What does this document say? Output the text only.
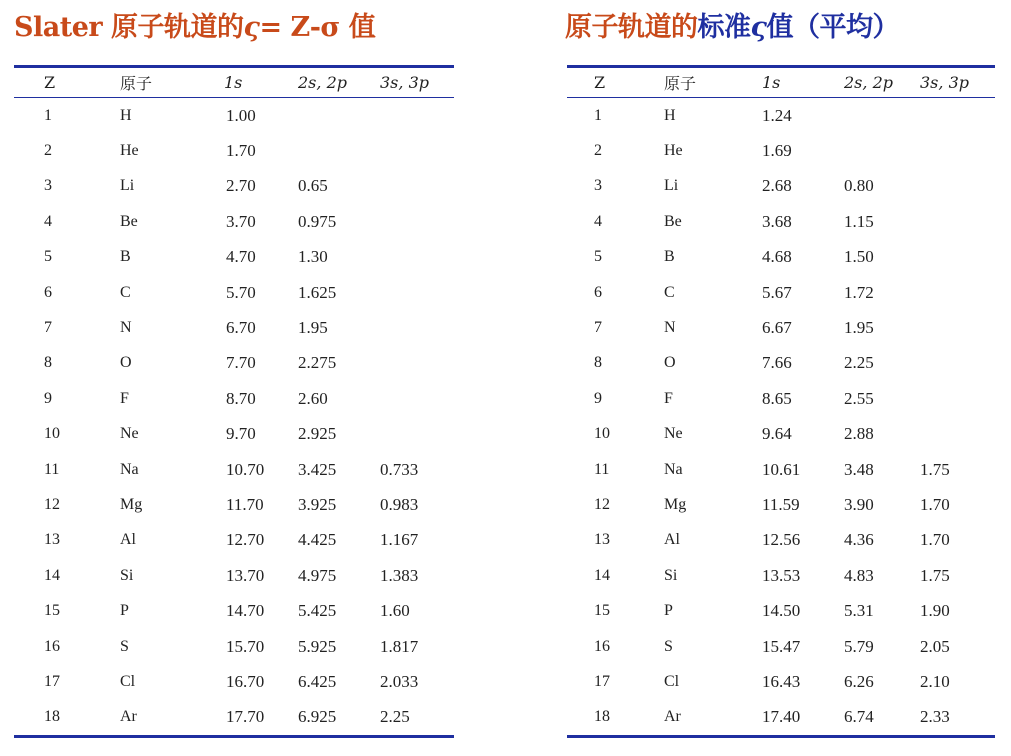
Slater 原子轨道的ς= Z-σ 值
Z	原子	1s	2s, 2p	3s, 3p
1	H	1.00		
2	He	1.70		
3	Li	2.70	0.65	
4	Be	3.70	0.975	
5	B	4.70	1.30	
6	C	5.70	1.625	
7	N	6.70	1.95	
8	O	7.70	2.275	
9	F	8.70	2.60	
10	Ne	9.70	2.925	
11	Na	10.70	3.425	0.733
12	Mg	11.70	3.925	0.983
13	Al	12.70	4.425	1.167
14	Si	13.70	4.975	1.383
15	P	14.70	5.425	1.60
16	S	15.70	5.925	1.817
17	Cl	16.70	6.425	2.033
18	Ar	17.70	6.925	2.25
原子轨道的标准ς值（平均）
Z	原子	1s	2s, 2p	3s, 3p
1	H	1.24		
2	He	1.69		
3	Li	2.68	0.80	
4	Be	3.68	1.15	
5	B	4.68	1.50	
6	C	5.67	1.72	
7	N	6.67	1.95	
8	O	7.66	2.25	
9	F	8.65	2.55	
10	Ne	9.64	2.88	
11	Na	10.61	3.48	1.75
12	Mg	11.59	3.90	1.70
13	Al	12.56	4.36	1.70
14	Si	13.53	4.83	1.75
15	P	14.50	5.31	1.90
16	S	15.47	5.79	2.05
17	Cl	16.43	6.26	2.10
18	Ar	17.40	6.74	2.33
